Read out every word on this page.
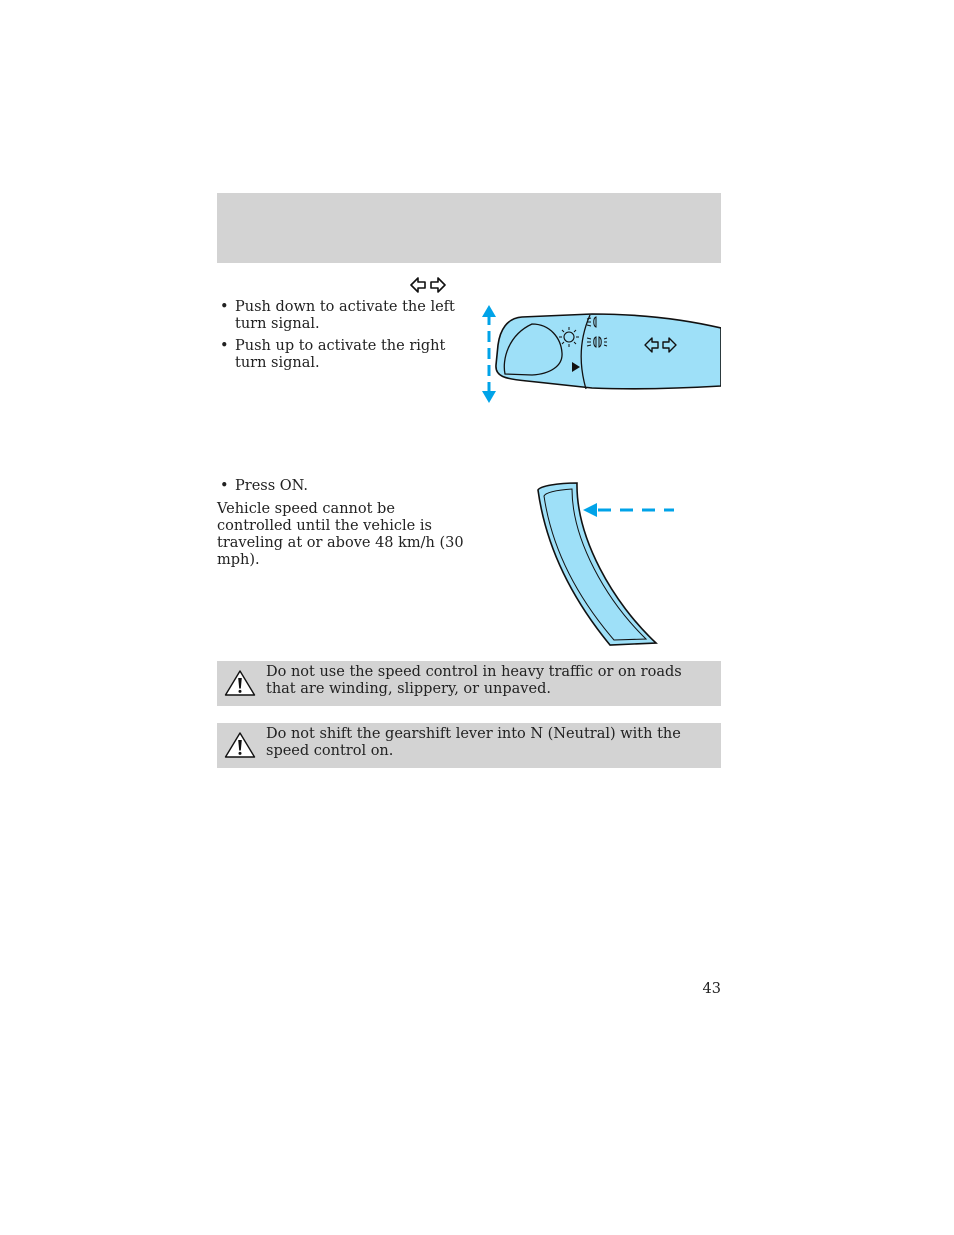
• Push down to activate the left turn signal.
• Push up to activate the right turn signal.
• Press ON.
Vehicle speed cannot be controlled until the vehicle is traveling at or above 48 km/h (30 mph).
Do not use the speed control in heavy traffic or on roads that are winding, slippery, or unpaved.
Do not shift the gearshift lever into N (Neutral) with the speed control on.
43
